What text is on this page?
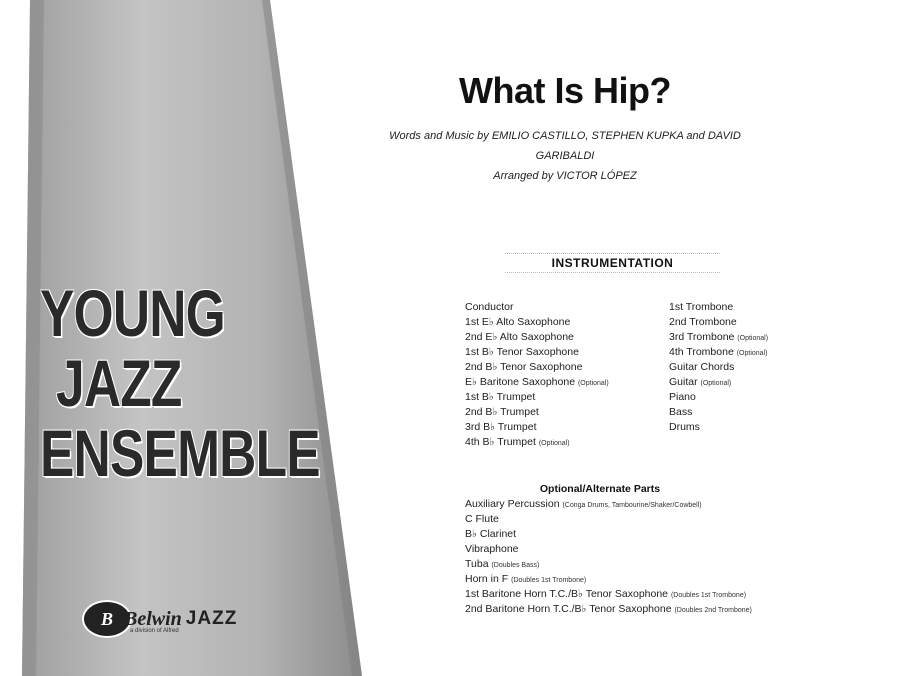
YOUNG
JAZZ
ENSEMBLE
B Belwin JAZZ
a division of Alfred
What Is Hip?
Words and Music by EMILIO CASTILLO, STEPHEN KUPKA and DAVID GARIBALDI
Arranged by VICTOR LÓPEZ
INSTRUMENTATION
Conductor
1st E♭ Alto Saxophone
2nd E♭ Alto Saxophone
1st B♭ Tenor Saxophone
2nd B♭ Tenor Saxophone
E♭ Baritone Saxophone (Optional)
1st B♭ Trumpet
2nd B♭ Trumpet
3rd B♭ Trumpet
4th B♭ Trumpet (Optional)
1st Trombone
2nd Trombone
3rd Trombone (Optional)
4th Trombone (Optional)
Guitar Chords
Guitar (Optional)
Piano
Bass
Drums
Optional/Alternate Parts
Auxiliary Percussion (Conga Drums, Tambourine/Shaker/Cowbell)
C Flute
B♭ Clarinet
Vibraphone
Tuba (Doubles Bass)
Horn in F (Doubles 1st Trombone)
1st Baritone Horn T.C./B♭ Tenor Saxophone (Doubles 1st Trombone)
2nd Baritone Horn T.C./B♭ Tenor Saxophone (Doubles 2nd Trombone)
